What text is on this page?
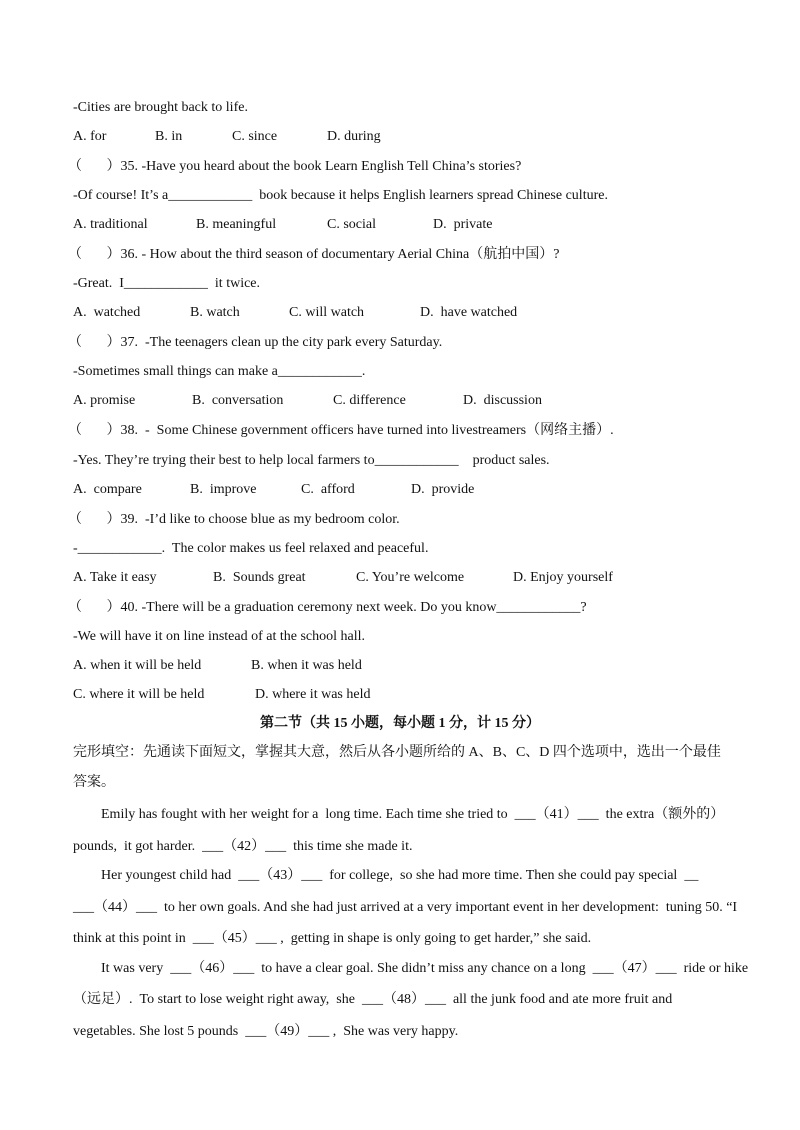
-Cities are brought back to life.
A. for	B. in	C. since	D. during
（       ）35. -Have you heard about the book Learn English Tell China’s stories?
-Of course! It’s a____________  book because it helps English learners spread Chinese culture.
A. traditional	B. meaningful	C. social	D.  private
（       ）36. - How about the third season of documentary Aerial China（航拍中国）?
-Great.  I____________  it twice.
A.  watched	B. watch	C. will watch	D.  have watched
（       ）37.  -The teenagers clean up the city park every Saturday.
-Sometimes small things can make a____________.
A. promise	B.  conversation	C. difference	D.  discussion
（       ）38.  -  Some Chinese government officers have turned into livestreamers（网络主播）.
-Yes. They’re trying their best to help local farmers to____________    product sales.
A.  compare	B.  improve	C.  afford	D.  provide
（       ）39.  -I’d like to choose blue as my bedroom color.
-____________.  The color makes us feel relaxed and peaceful.
A. Take it easy	B.  Sounds great	C. You’re welcome	D. Enjoy yourself
（       ）40. -There will be a graduation ceremony next week. Do you know____________?
-We will have it on line instead of at the school hall.
A. when it will be held	B. when it was held
C. where it will be held	D. where it was held
第二节（共 15 小题，每小题 1 分，计 15 分）
完形填空：先通读下面短文，掌握其大意，然后从各小题所给的 A、B、C、D 四个选项中，选出一个最佳
答案。
Emily has fought with her weight for a  long time. Each time she tried to  ___（41）___  the extra（额外的）
pounds,  it got harder.  ___（42）___  this time she made it.
Her youngest child had  ___（43）___  for college,  so she had more time. Then she could pay special  __
___（44）___  to her own goals. And she had just arrived at a very important event in her development:  tuning 50. “I
think at this point in  ___（45）___ ,  getting in shape is only going to get harder,” she said.
It was very  ___（46）___  to have a clear goal. She didn’t miss any chance on a long  ___（47）___  ride or hike
（远足）.  To start to lose weight right away,  she  ___（48）___  all the junk food and ate more fruit and
vegetables. She lost 5 pounds  ___（49）___ ,  She was very happy.
